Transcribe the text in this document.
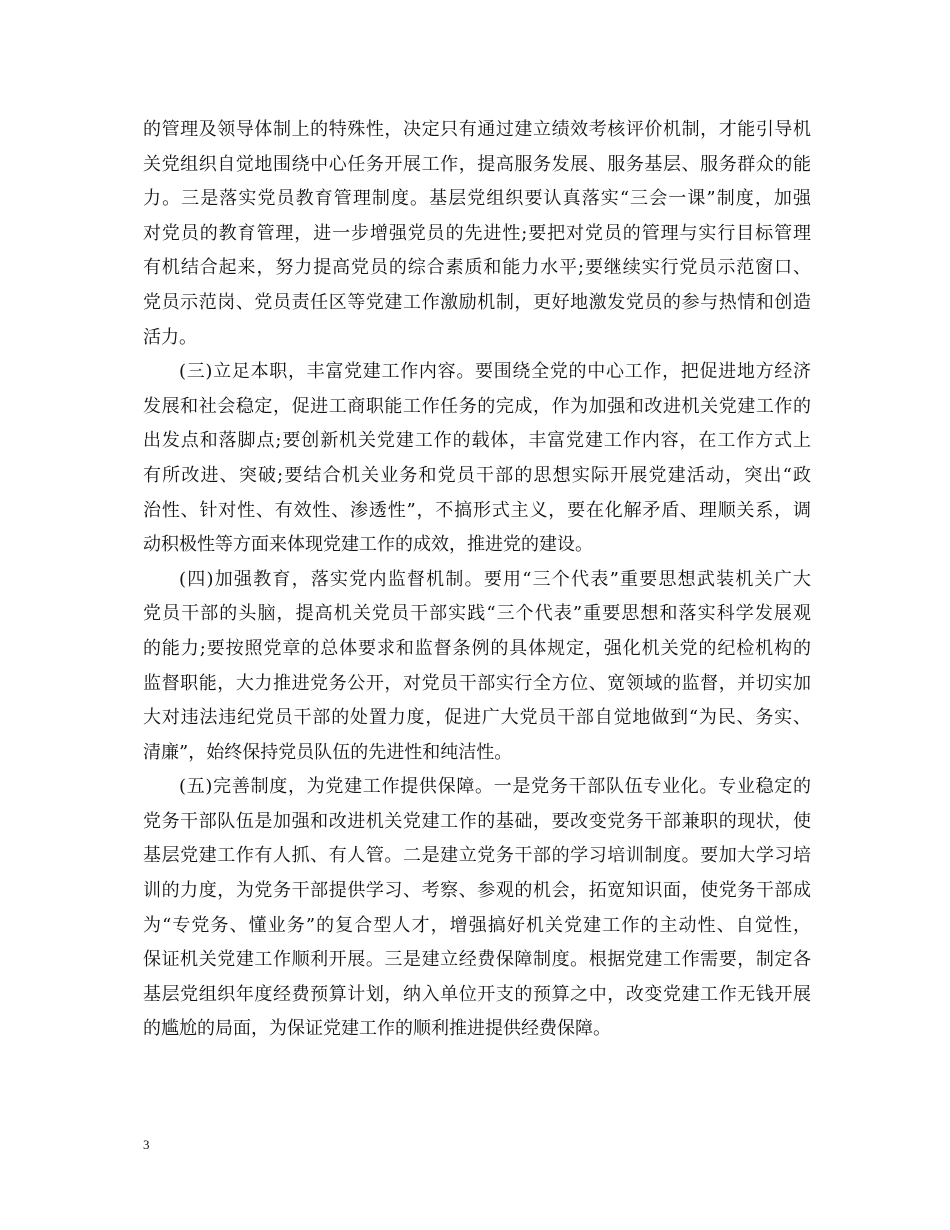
的管理及领导体制上的特殊性，决定只有通过建立绩效考核评价机制，才能引导机
关党组织自觉地围绕中心任务开展工作，提高服务发展、服务基层、服务群众的能
力。三是落实党员教育管理制度。基层党组织要认真落实“三会一课”制度，加强
对党员的教育管理，进一步增强党员的先进性;要把对党员的管理与实行目标管理
有机结合起来，努力提高党员的综合素质和能力水平;要继续实行党员示范窗口、
党员示范岗、党员责任区等党建工作激励机制，更好地激发党员的参与热情和创造
活力。
(三)立足本职，丰富党建工作内容。要围绕全党的中心工作，把促进地方经济
发展和社会稳定，促进工商职能工作任务的完成，作为加强和改进机关党建工作的
出发点和落脚点;要创新机关党建工作的载体，丰富党建工作内容，在工作方式上
有所改进、突破;要结合机关业务和党员干部的思想实际开展党建活动，突出“政
治性、针对性、有效性、渗透性”，不搞形式主义，要在化解矛盾、理顺关系，调
动积极性等方面来体现党建工作的成效，推进党的建设。
(四)加强教育，落实党内监督机制。要用“三个代表”重要思想武装机关广大
党员干部的头脑，提高机关党员干部实践“三个代表”重要思想和落实科学发展观
的能力;要按照党章的总体要求和监督条例的具体规定，强化机关党的纪检机构的
监督职能，大力推进党务公开，对党员干部实行全方位、宽领域的监督，并切实加
大对违法违纪党员干部的处置力度，促进广大党员干部自觉地做到“为民、务实、
清廉”，始终保持党员队伍的先进性和纯洁性。
(五)完善制度，为党建工作提供保障。一是党务干部队伍专业化。专业稳定的
党务干部队伍是加强和改进机关党建工作的基础，要改变党务干部兼职的现状，使
基层党建工作有人抓、有人管。二是建立党务干部的学习培训制度。要加大学习培
训的力度，为党务干部提供学习、考察、参观的机会，拓宽知识面，使党务干部成
为“专党务、懂业务”的复合型人才，增强搞好机关党建工作的主动性、自觉性，
保证机关党建工作顺利开展。三是建立经费保障制度。根据党建工作需要，制定各
基层党组织年度经费预算计划，纳入单位开支的预算之中，改变党建工作无钱开展
的尴尬的局面，为保证党建工作的顺利推进提供经费保障。
3
